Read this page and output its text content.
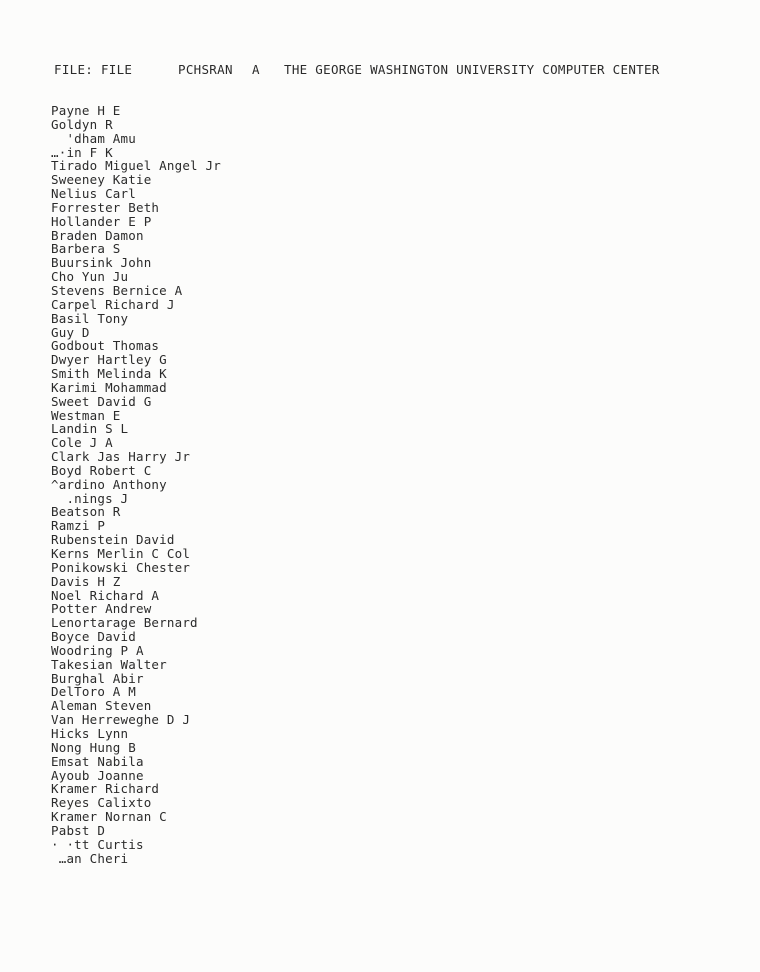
FILE: FILE	PCHSRAN	A	THE GEORGE WASHINGTON UNIVERSITY COMPUTER CENTER
Payne H E
Goldyn R
'dham Amu
…·in F K
Tirado Miguel Angel Jr
Sweeney Katie
Nelius Carl
Forrester Beth
Hollander E P
Braden Damon
Barbera S
Buursink John
Cho Yun Ju
Stevens Bernice A
Carpel Richard J
Basil Tony
Guy D
Godbout Thomas
Dwyer Hartley G
Smith Melinda K
Karimi Mohammad
Sweet David G
Westman E
Landin S L
Cole J A
Clark Jas Harry Jr
Boyd Robert C
^ardino Anthony
.nings J
Beatson R
Ramzi P
Rubenstein David
Kerns Merlin C Col
Ponikowski Chester
Davis H Z
Noel Richard A
Potter Andrew
Lenortarage Bernard
Boyce David
Woodring P A
Takesian Walter
Burghal Abir
DelToro A M
Aleman Steven
Van Herreweghe D J
Hicks Lynn
Nong Hung B
Emsat Nabila
Ayoub Joanne
Kramer Richard
Reyes Calixto
Kramer Nornan C
Pabst D
· ·tt Curtis
…an Cheri
